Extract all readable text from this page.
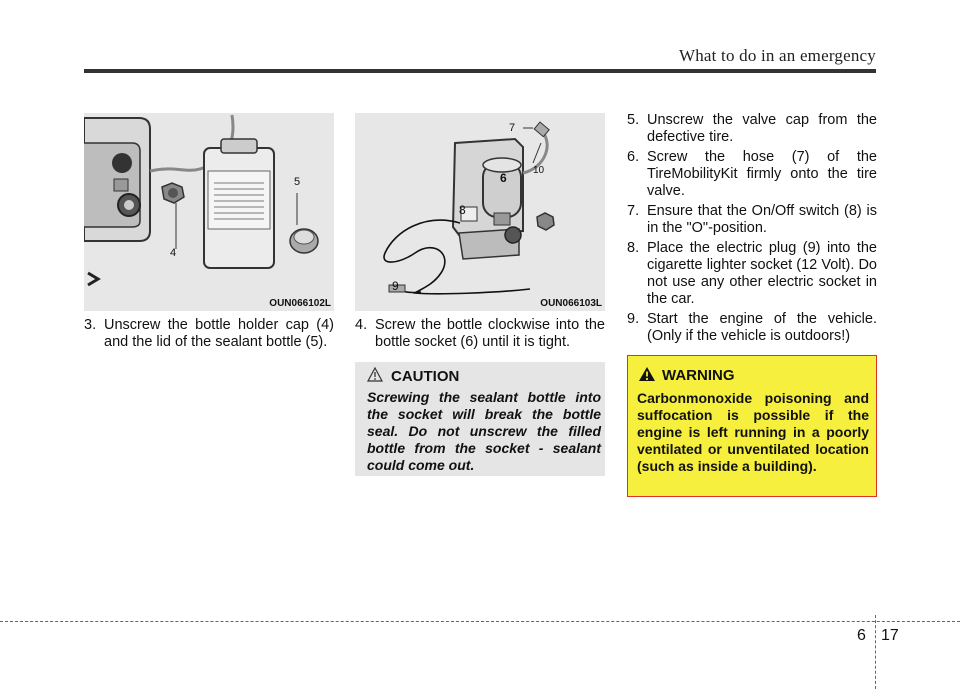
What to do in an emergency
4
5
OUN066102L
7
10
6
8
9
OUN066103L
3. Unscrew the bottle holder cap (4) and the lid of the sealant bottle (5).
4. Screw the bottle clockwise into the bottle socket (6) until it is tight.
5. Unscrew the valve cap from the defective tire.
6. Screw the hose (7) of the TireMobilityKit firmly onto the tire valve.
7. Ensure that the On/Off switch (8) is in the "O"-position.
8. Place the electric plug (9) into the cigarette lighter socket (12 Volt). Do not use any other electric socket in the car.
9. Start the engine of the vehicle. (Only if the vehicle is outdoors!)
CAUTION
Screwing the sealant bottle into the socket will break the bottle seal. Do not unscrew the filled bottle from the socket - sealant could come out.
WARNING
Carbonmonoxide poisoning and suffocation is possible if the engine is left running in a poorly ventilated or unventilated location (such as inside a building).
6 17
